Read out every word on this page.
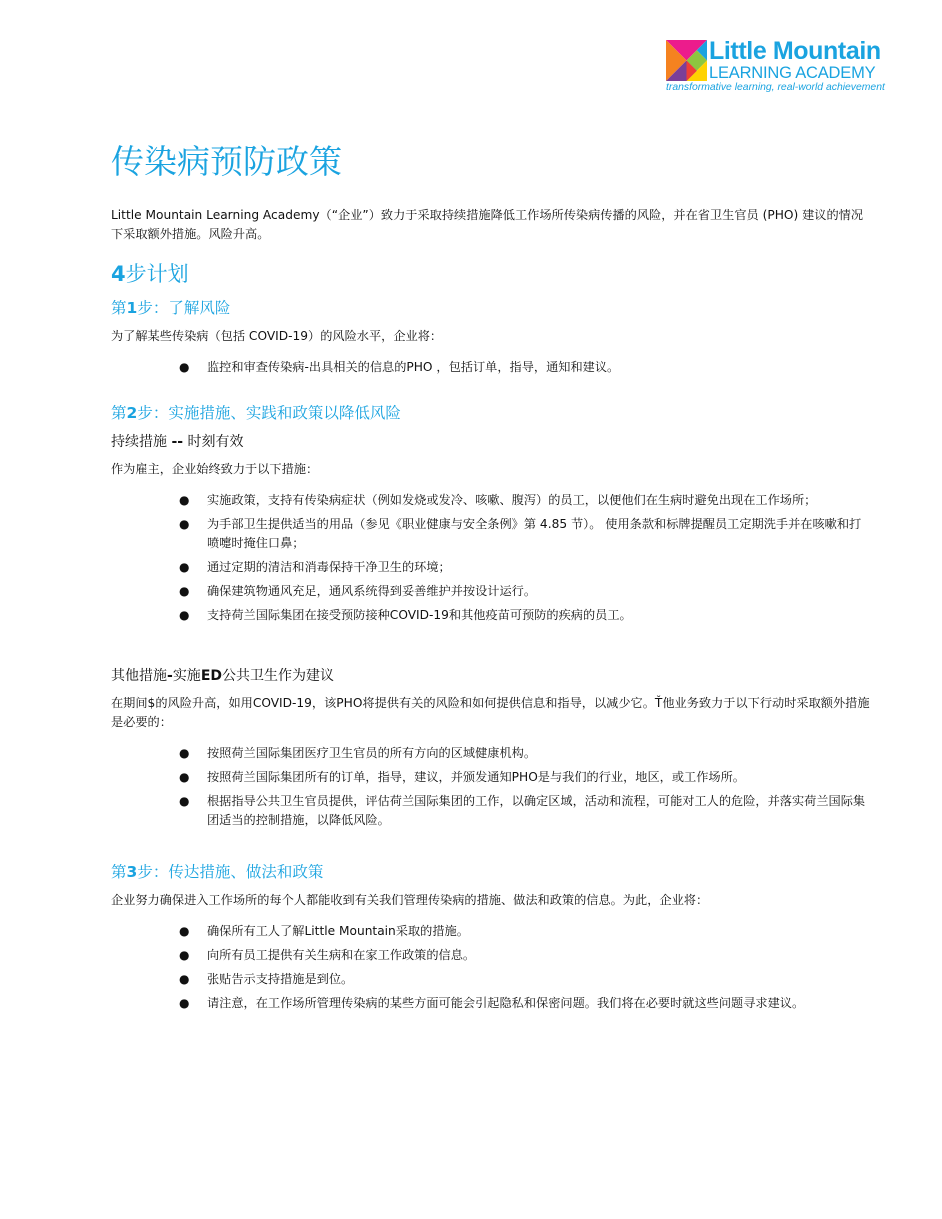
Little Mountain
LEARNING ACADEMY
transformative learning, real-world achievement
传染病预防政策

Little Mountain Learning Academy（“企业”）致力于采取持续措施降低工作场所传染病传播的风险，并在省卫生官员 (PHO) 建议的情况下采取额外措施。风险升高。

4步计划
第1步：了解风险

为了解某些传染病（包括 COVID-19）的风险水平，企业将：

● 监控和审查传染病-出具相关的信息的PHO ，包括订单，指导，通知和建议。
第2步：实施措施、实践和政策以降低风险
持续措施 -- 时刻有效

作为雇主，企业始终致力于以下措施：

● 实施政策，支持有传染病症状（例如发烧或发冷、咳嗽、腹泻）的员工，以便他们在生病时避免出现在工作场所；
● 为手部卫生提供适当的用品（参见《职业健康与安全条例》第 4.85 节）。 使用条款和标牌提醒员工定期洗手并在咳嗽和打喷嚏时掩住口鼻；
● 通过定期的清洁和消毒保持干净卫生的环境；
● 确保建筑物通风充足，通风系统得到妥善维护并按设计运行。
● 支持荷兰国际集团在接受预防接种COVID-19和其他疫苗可预防的疾病的员工。
其他措施-实施ED公共卫生作为建议

在期间$的风险升高，如用COVID-19，该PHO将提供有关的风险和如何提供信息和指导，以减少它。Ť他业务致力于以下行动时采取额外措施是必要的：

● 按照荷兰国际集团医疗卫生官员的所有方向的区域健康机构。
● 按照荷兰国际集团所有的订单，指导，建议，并颁发通知PHO是与我们的行业，地区，或工作场所。
● 根据指导公共卫生官员提供，评估荷兰国际集团的工作，以确定区域，活动和流程，可能对工人的危险，并落实荷兰国际集团适当的控制措施，以降低风险。
第3步：传达措施、做法和政策

企业努力确保进入工作场所的每个人都能收到有关我们管理传染病的措施、做法和政策的信息。为此，企业将：

● 确保所有工人了解Little Mountain采取的措施。
● 向所有员工提供有关生病和在家工作政策的信息。
● 张贴告示支持措施是到位。
● 请注意，在工作场所管理传染病的某些方面可能会引起隐私和保密问题。我们将在必要时就这些问题寻求建议。
